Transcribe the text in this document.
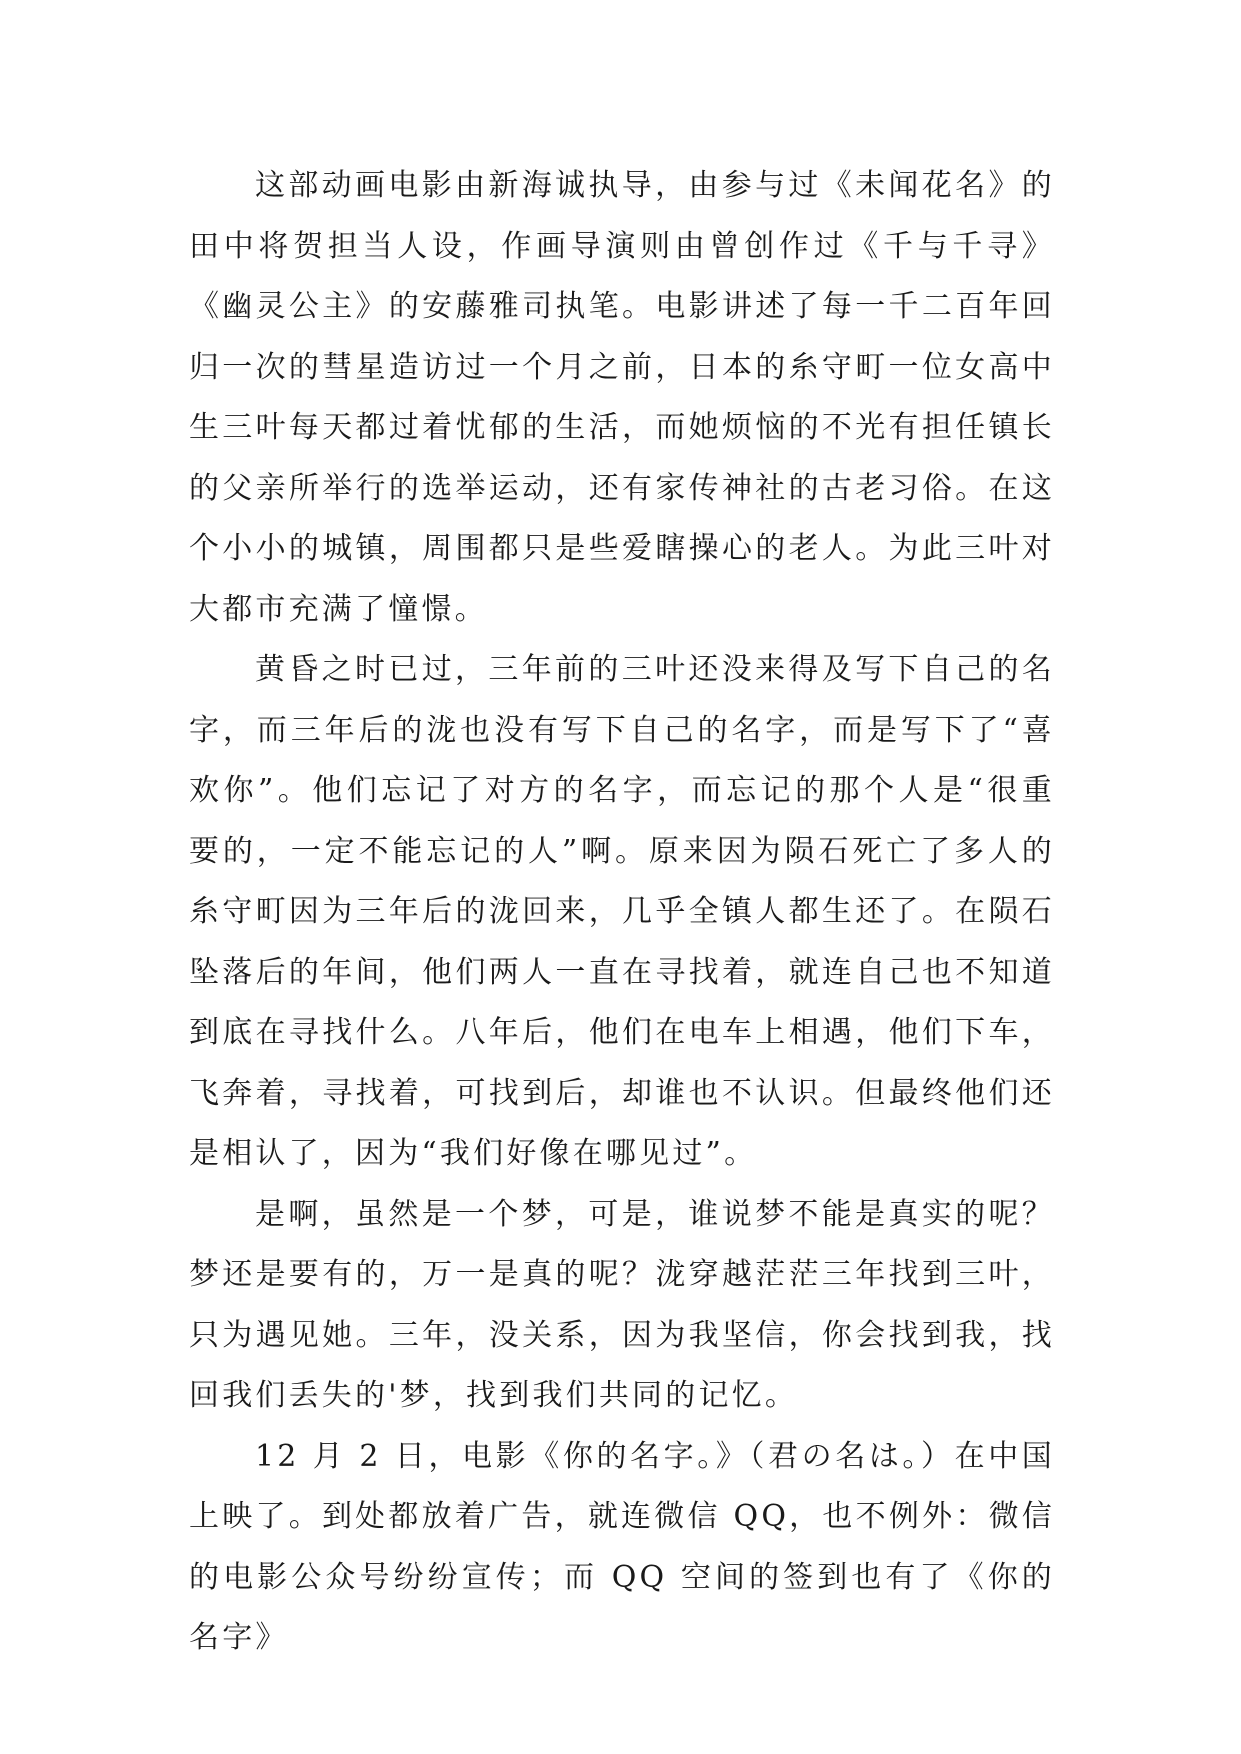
这部动画电影由新海诚执导，由参与过《未闻花名》的田中将贺担当人设，作画导演则由曾创作过《千与千寻》《幽灵公主》的安藤雅司执笔。电影讲述了每一千二百年回归一次的彗星造访过一个月之前，日本的糸守町一位女高中生三叶每天都过着忧郁的生活，而她烦恼的不光有担任镇长的父亲所举行的选举运动，还有家传神社的古老习俗。在这个小小的城镇，周围都只是些爱瞎操心的老人。为此三叶对大都市充满了憧憬。

黄昏之时已过，三年前的三叶还没来得及写下自己的名字，而三年后的泷也没有写下自己的名字，而是写下了“喜欢你”。他们忘记了对方的名字，而忘记的那个人是“很重要的，一定不能忘记的人”啊。原来因为陨石死亡了多人的糸守町因为三年后的泷回来，几乎全镇人都生还了。在陨石坠落后的年间，他们两人一直在寻找着，就连自己也不知道到底在寻找什么。八年后，他们在电车上相遇，他们下车，飞奔着，寻找着，可找到后，却谁也不认识。但最终他们还是相认了，因为“我们好像在哪见过”。

是啊，虽然是一个梦，可是，谁说梦不能是真实的呢？梦还是要有的，万一是真的呢？泷穿越茫茫三年找到三叶，只为遇见她。三年，没关系，因为我坚信，你会找到我，找回我们丢失的'梦，找到我们共同的记忆。

12 月 2 日，电影《你的名字。》（君の名は。）在中国上映了。到处都放着广告，就连微信 QQ，也不例外：微信的电影公众号纷纷宣传；而 QQ 空间的签到也有了《你的名字》
